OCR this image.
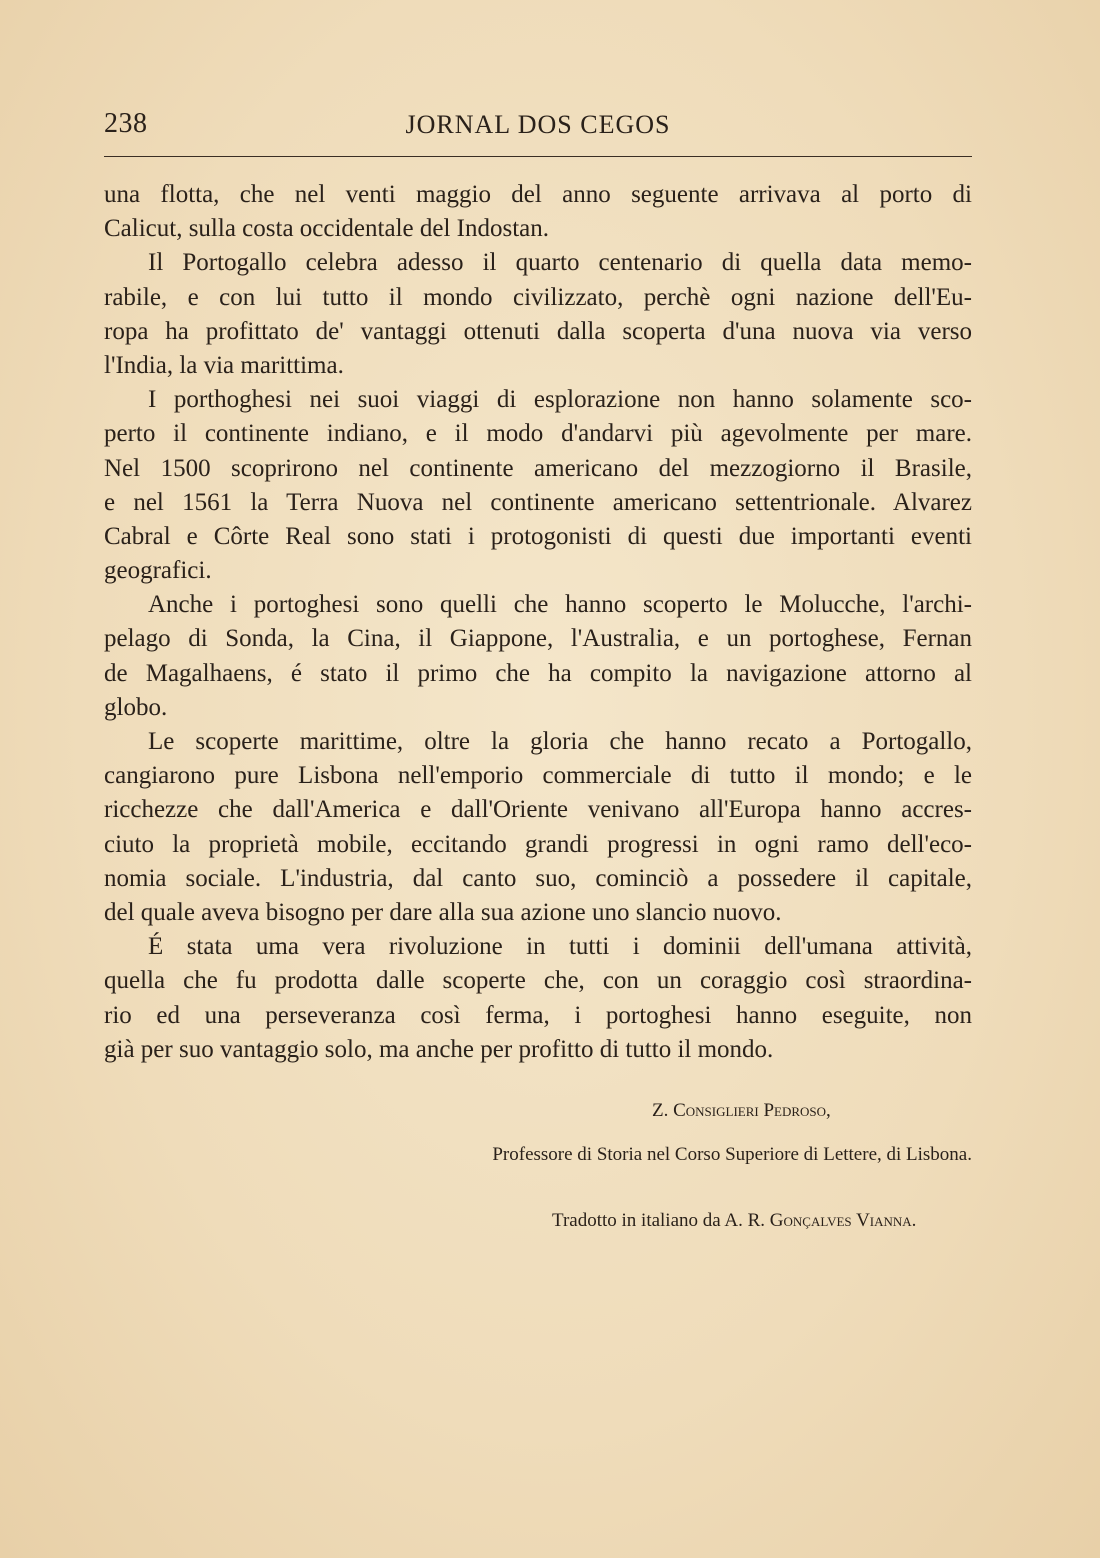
238	JORNAL DOS CEGOS
una flotta, che nel venti maggio del anno seguente arrivava al porto di
Calicut, sulla costa occidentale del Indostan.
Il Portogallo celebra adesso il quarto centenario di quella data memo-
rabile, e con lui tutto il mondo civilizzato, perchè ogni nazione dell'Eu-
ropa ha profittato de' vantaggi ottenuti dalla scoperta d'una nuova via verso
l'India, la via marittima.
I porthoghesi nei suoi viaggi di esplorazione non hanno solamente sco-
perto il continente indiano, e il modo d'andarvi più agevolmente per mare.
Nel 1500 scoprirono nel continente americano del mezzogiorno il Brasile,
e nel 1561 la Terra Nuova nel continente americano settentrionale. Alvarez
Cabral e Côrte Real sono stati i protogonisti di questi due importanti eventi
geografici.
Anche i portoghesi sono quelli che hanno scoperto le Molucche, l'archi-
pelago di Sonda, la Cina, il Giappone, l'Australia, e un portoghese, Fernan
de Magalhaens, é stato il primo che ha compito la navigazione attorno al
globo.
Le scoperte marittime, oltre la gloria che hanno recato a Portogallo,
cangiarono pure Lisbona nell'emporio commerciale di tutto il mondo; e le
ricchezze che dall'America e dall'Oriente venivano all'Europa hanno accres-
ciuto la proprietà mobile, eccitando grandi progressi in ogni ramo dell'eco-
nomia sociale. L'industria, dal canto suo, cominciò a possedere il capitale,
del quale aveva bisogno per dare alla sua azione uno slancio nuovo.
É stata uma vera rivoluzione in tutti i dominii dell'umana attività,
quella che fu prodotta dalle scoperte che, con un coraggio così straordina-
rio ed una perseveranza così ferma, i portoghesi hanno eseguite, non
già per suo vantaggio solo, ma anche per profitto di tutto il mondo.
Z. Consiglieri Pedroso,
Professore di Storia nel Corso Superiore di Lettere, di Lisbona.
Tradotto in italiano da A. R. Gonçalves Vianna.
